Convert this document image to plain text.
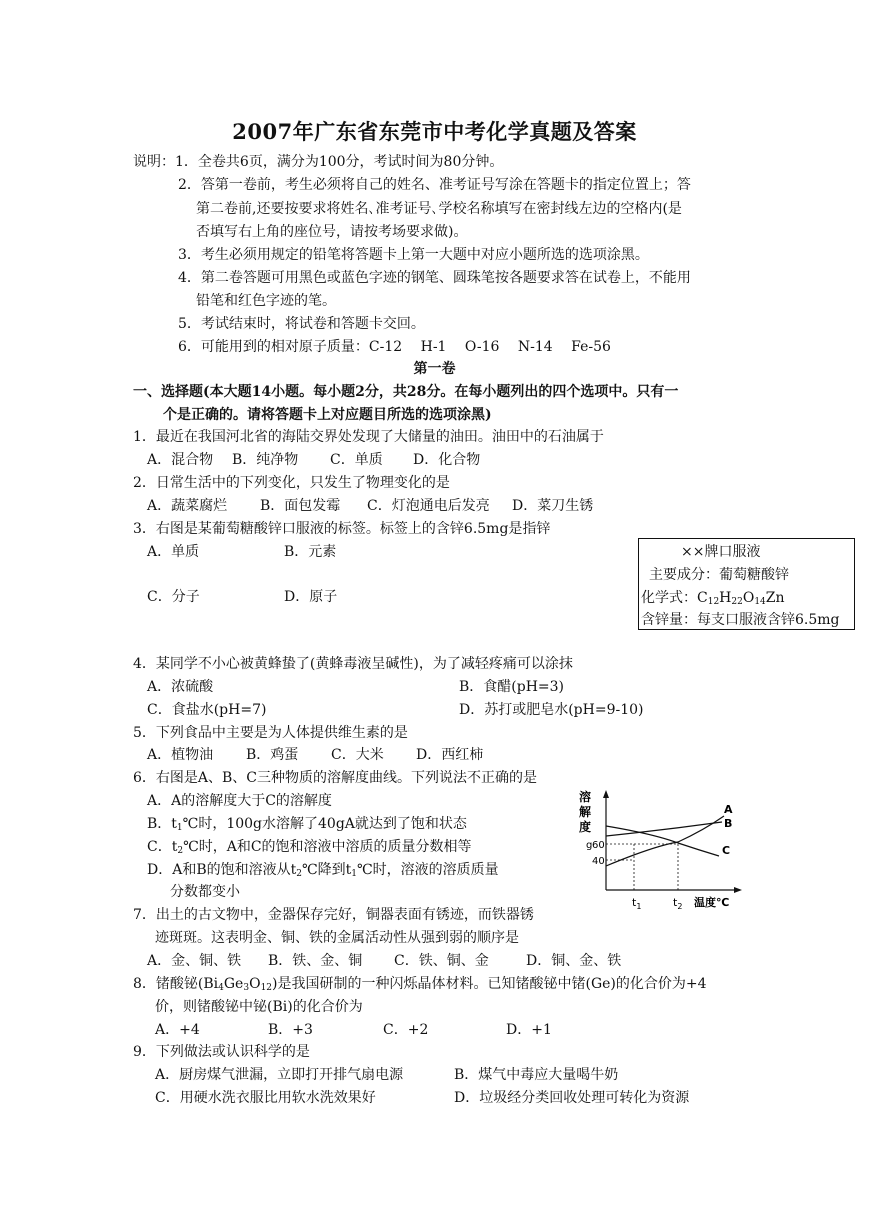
2007年广东省东莞市中考化学真题及答案
说明：1．全卷共6页，满分为100分，考试时间为80分钟。
2．答第一卷前，考生必须将自己的姓名、准考证号写涂在答题卡的指定位置上；答
第二卷前,还要按要求将姓名､准考证号､学校名称填写在密封线左边的空格内(是
否填写右上角的座位号，请按考场要求做)。
3．考生必须用规定的铅笔将答题卡上第一大题中对应小题所选的选项涂黑。
4．第二卷答题可用黑色或蓝色字迹的钢笔、圆珠笔按各题要求答在试卷上，不能用
铅笔和红色字迹的笔。
5．考试结束时，将试卷和答题卡交回。
6．可能用到的相对原子质量：C-12　 H-1　 O-16　 N-14　 Fe-56
第一卷
一、选择题(本大题14小题。每小题2分，共28分。在每小题列出的四个选项中。只有一
个是正确的。请将答题卡上对应题目所选的选项涂黑)
1．最近在我国河北省的海陆交界处发现了大储量的油田。油田中的石油属于
A．混合物 B．纯净物 C．单质 D．化合物
2．日常生活中的下列变化，只发生了物理变化的是
A．蔬菜腐烂 B．面包发霉 C．灯泡通电后发亮 D．菜刀生锈
3．右图是某葡萄糖酸锌口服液的标签。标签上的含锌6.5mg是指锌
A．单质	B．元素
C．分子	D．原子
××牌口服液
主要成分：葡萄糖酸锌
化学式：$C_{12}H_{22}O_{14}Zn$
含锌量：每支口服液含锌6.5mg
4．某同学不小心被黄蜂蛰了(黄蜂毒液呈碱性)，为了减轻疼痛可以涂抹
A．浓硫酸	B．食醋(pH=3)
C．食盐水(pH=7)	D．苏打或肥皂水(pH=9-10)
5．下列食品中主要是为人体提供维生素的是
A．植物油 B．鸡蛋 C．大米 D．西红柿
6．右图是A、B、C三种物质的溶解度曲线。下列说法不正确的是
A．A的溶解度大于C的溶解度
B．$t_1℃$时，100g水溶解了40gA就达到了饱和状态
C．$t_2℃$时，A和C的饱和溶液中溶质的质量分数相等
D．A和B的饱和溶液从$t_2℃$降到$t_1℃$时，溶液的溶质质量
分数都变小
溶
解
度
g 60
40
A
B
C
$t_1$	$t_2$ 温度℃
7．出土的古文物中，金器保存完好，铜器表面有锈迹，而铁器锈
迹斑斑。这表明金、铜、铁的金属活动性从强到弱的顺序是
A．金、铜、铁 B．铁、金、铜 C．铁、铜、金	D．铜、金、铁
8．锗酸铋$(Bi_4Ge_3O_{12})$是我国研制的一种闪烁晶体材料。已知锗酸铋中锗(Ge)的化合价为+4
价，则锗酸铋中铋(Bi)的化合价为
A．+4	B．+3	C．+2	D．+1
9．下列做法或认识科学的是
A．厨房煤气泄漏，立即打开排气扇电源	B．煤气中毒应大量喝牛奶
C．用硬水洗衣服比用软水洗效果好	D．垃圾经分类回收处理可转化为资源
